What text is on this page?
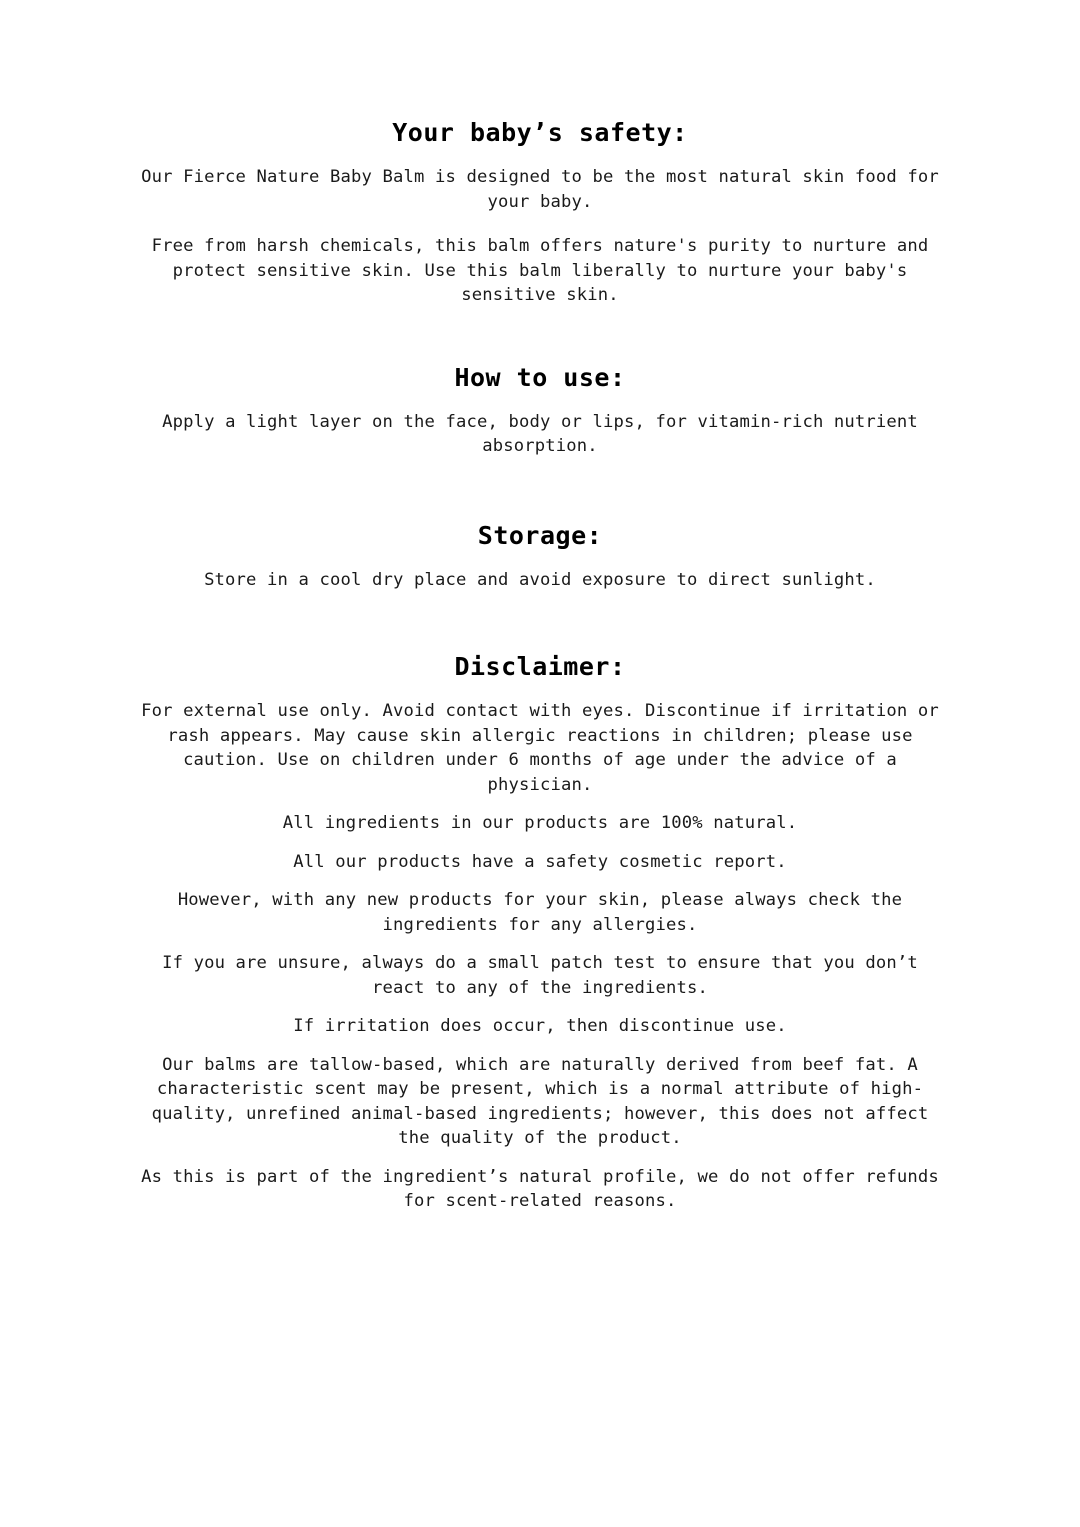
Your baby’s safety:

Our Fierce Nature Baby Balm is designed to be the most natural skin food for your baby.

Free from harsh chemicals, this balm offers nature's purity to nurture and protect sensitive skin. Use this balm liberally to nurture your baby's sensitive skin.

How to use:

Apply a light layer on the face, body or lips, for vitamin-rich nutrient absorption.

Storage:

Store in a cool dry place and avoid exposure to direct sunlight.

Disclaimer:

For external use only. Avoid contact with eyes. Discontinue if irritation or rash appears. May cause skin allergic reactions in children; please use caution. Use on children under 6 months of age under the advice of a physician.

All ingredients in our products are 100% natural.

All our products have a safety cosmetic report.

However, with any new products for your skin, please always check the ingredients for any allergies.

If you are unsure, always do a small patch test to ensure that you don’t react to any of the ingredients.

If irritation does occur, then discontinue use.

Our balms are tallow-based, which are naturally derived from beef fat. A characteristic scent may be present, which is a normal attribute of high-quality, unrefined animal-based ingredients; however, this does not affect the quality of the product.

As this is part of the ingredient’s natural profile, we do not offer refunds for scent-related reasons.
